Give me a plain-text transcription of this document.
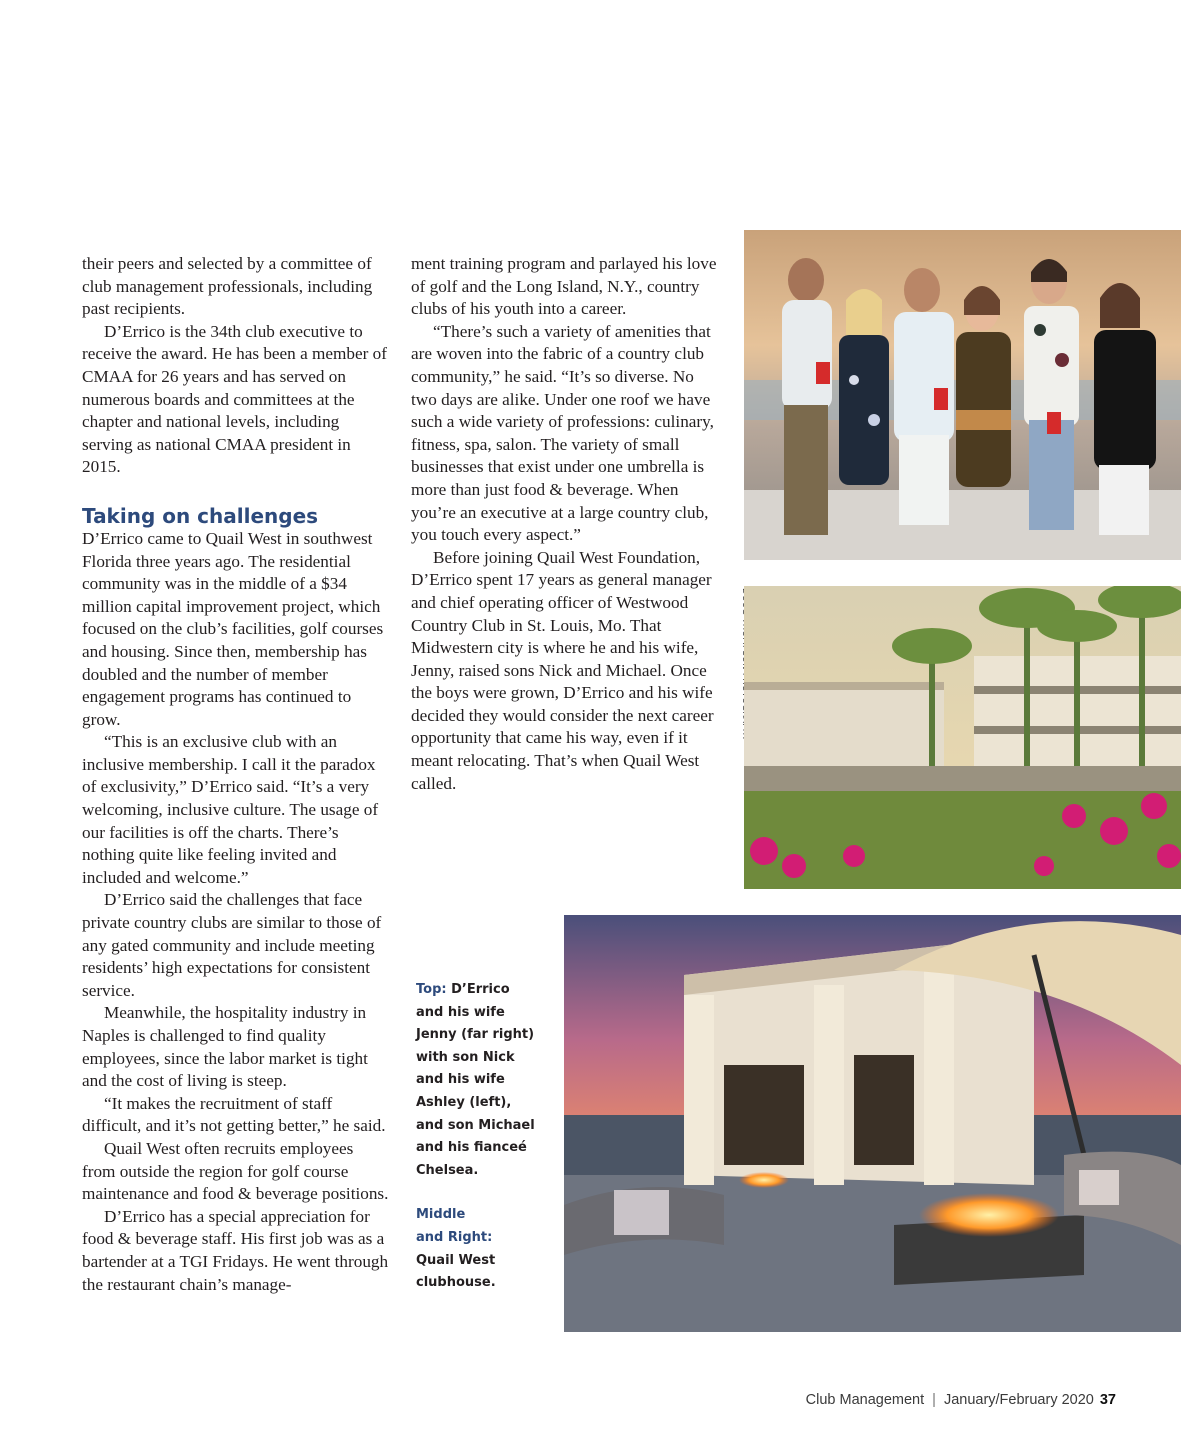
their peers and selected by a committee of club management professionals, including past recipients.

D’Errico is the 34th club executive to receive the award. He has been a member of CMAA for 26 years and has served on numerous boards and committees at the chapter and national levels, including serving as national CMAA president in 2015.

Taking on challenges

D’Errico came to Quail West in southwest Florida three years ago. The residential community was in the middle of a $34 million capital improvement project, which focused on the club’s facilities, golf courses and housing. Since then, membership has doubled and the number of member engagement programs has continued to grow.

“This is an exclusive club with an inclusive membership. I call it the paradox of exclusivity,” D’Errico said. “It’s a very welcoming, inclusive culture. The usage of our facilities is off the charts. There’s nothing quite like feeling invited and included and welcome.”

D’Errico said the challenges that face private country clubs are similar to those of any gated community and include meeting residents’ high expectations for consistent service.

Meanwhile, the hospitality industry in Naples is challenged to find quality employees, since the labor market is tight and the cost of living is steep.

“It makes the recruitment of staff difficult, and it’s not getting better,” he said.

Quail West often recruits employees from outside the region for golf course maintenance and food & beverage positions.

D’Errico has a special appreciation for food & beverage staff. His first job was as a bartender at a TGI Fridays. He went through the restaurant chain’s manage-

ment training program and parlayed his love of golf and the Long Island, N.Y., country clubs of his youth into a career.

“There’s such a variety of amenities that are woven into the fabric of a country club community,” he said. “It’s so diverse. No two days are alike. Under one roof we have such a wide variety of professions: culinary, fitness, spa, salon. The variety of small businesses that exist under one umbrella is more than just food & beverage. When you’re an executive at a large country club, you touch every aspect.”

Before joining Quail West Foundation, D’Errico spent 17 years as general manager and chief operating officer of Westwood Country Club in St. Louis, Mo. That Midwestern city is where he and his wife, Jenny, raised sons Nick and Michael. Once the boys were grown, D’Errico and his wife decided they would consider the next career opportunity that came his way, even if it meant relocating. That’s when Quail West called.

Top: D’Errico
and his wife
Jenny (far right)
with son Nick
and his wife
Ashley (left),
and son Michael
and his fianceé
Chelsea.
Middle
and Right:
Quail West
clubhouse.
Club Management | January/February 2020 37
